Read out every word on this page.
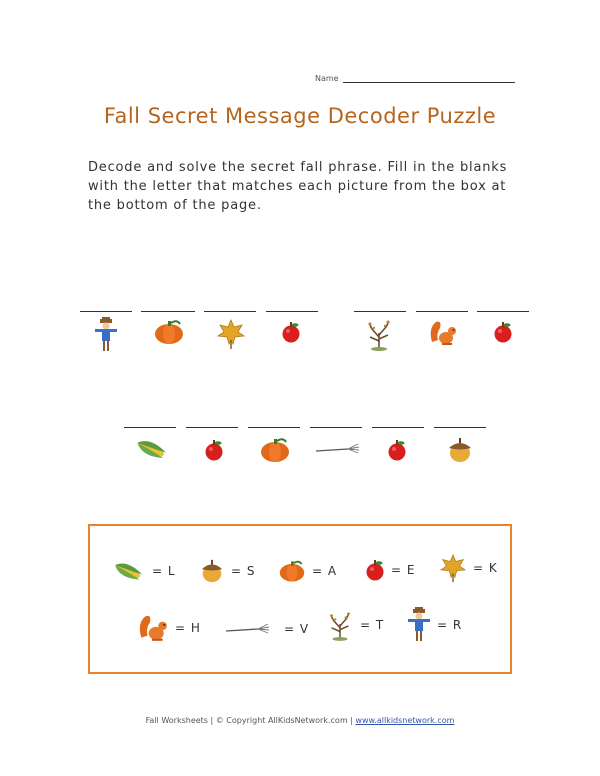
Name
Fall Secret Message Decoder Puzzle
Decode and solve the secret fall phrase. Fill in the blanks with the letter that matches each picture from the box at the bottom of the page.
= L	= S	= A	= E	= K
= H	= V	= T	= R
Fall Worksheets | © Copyright AllKidsNetwork.com | www.allkidsnetwork.com
